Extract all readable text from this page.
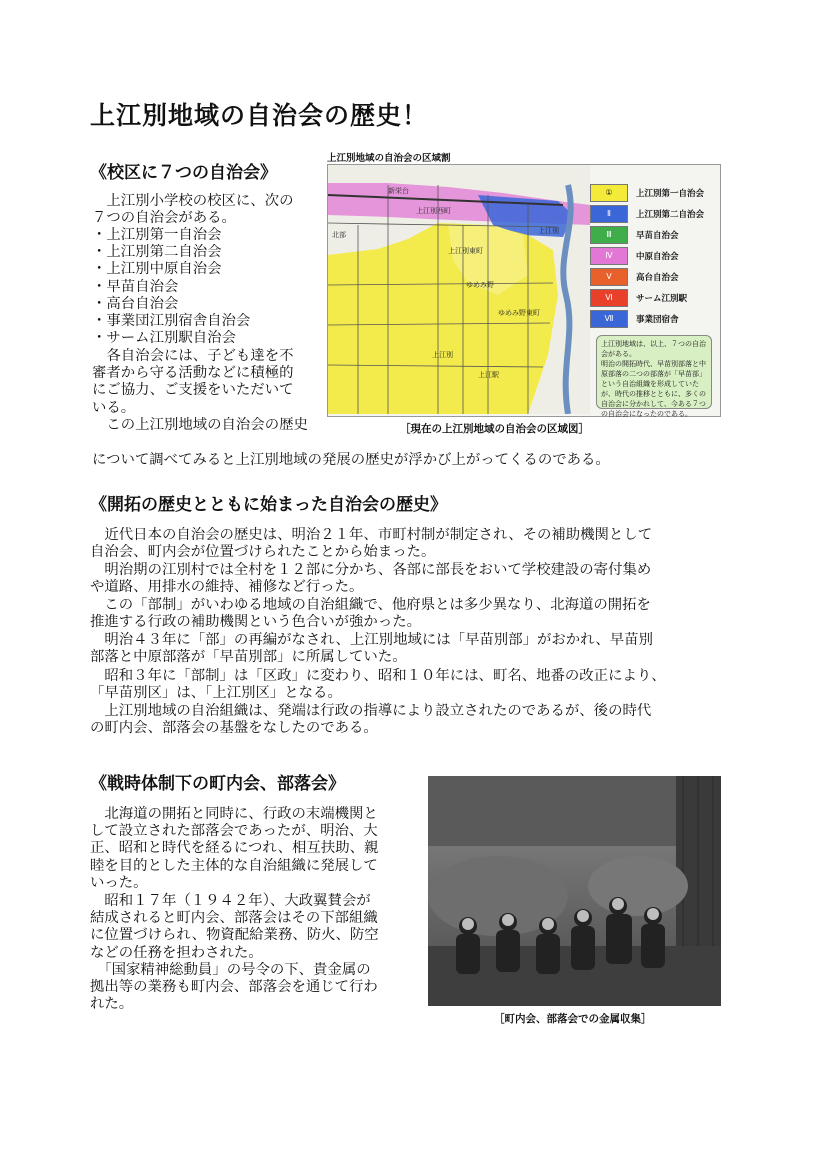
上江別地域の自治会の歴史！
《校区に７つの自治会》

　上江別小学校の校区に、次の
７つの自治会がある。

・上江別第一自治会
・上江別第二自治会
・上江別中原自治会
・早苗自治会
・高台自治会
・事業団江別宿舎自治会
・サーム江別駅自治会

　各自治会には、子ども達を不
審者から守る活動などに積極的
にご協力、ご支援をいただいて
いる。
　この上江別地域の自治会の歴史

について調べてみると上江別地域の発展の歴史が浮かび上がってくるのである。

上江別地域の自治会の区域割
上江別西町
上江別
上江別東町
ゆめみ野
ゆめみ野東町
上江別
上江駅
新栄台
北部
①	上江別第一自治会
Ⅱ	上江別第二自治会
Ⅲ	早苗自治会
Ⅳ	中原自治会
Ⅴ	高台自治会
Ⅵ	サーム江別駅
Ⅶ	事業団宿舎
上江別地域は、以上、７つの自治会がある。
明治の開拓時代、早苗別部落と中原部落の二つの部落が「早苗部」という自治組織を形成していたが、時代の推移とともに、多くの自治会に分かれして、今ある７つの自治会になったのである。
［現在の上江別地域の自治会の区域図］
《開拓の歴史とともに始まった自治会の歴史》

　近代日本の自治会の歴史は、明治２１年、市町村制が制定され、その補助機関として
自治会、町内会が位置づけられたことから始まった。

　明治期の江別村では全村を１２部に分かち、各部に部長をおいて学校建設の寄付集め
や道路、用排水の維持、補修など行った。

　この「部制」がいわゆる地域の自治組織で、他府県とは多少異なり、北海道の開拓を
推進する行政の補助機関という色合いが強かった。

　明治４３年に「部」の再編がなされ、上江別地域には「早苗別部」がおかれ、早苗別
部落と中原部落が「早苗別部」に所属していた。

　昭和３年に「部制」は「区政」に変わり、昭和１０年には、町名、地番の改正により、
「早苗別区」は、「上江別区」となる。

　上江別地域の自治組織は、発端は行政の指導により設立されたのであるが、後の時代
の町内会、部落会の基盤をなしたのである。

《戦時体制下の町内会、部落会》

　北海道の開拓と同時に、行政の末端機関と
して設立された部落会であったが、明治、大
正、昭和と時代を経るにつれ、相互扶助、親
睦を目的とした主体的な自治組織に発展して
いった。

　昭和１７年（１９４２年）、大政翼賛会が
結成されると町内会、部落会はその下部組織
に位置づけられ、物資配給業務、防火、防空
などの任務を担わされた。

　「国家精神総動員」の号令の下、貴金属の
拠出等の業務も町内会、部落会を通じて行わ
れた。

［町内会、部落会での金属収集］
